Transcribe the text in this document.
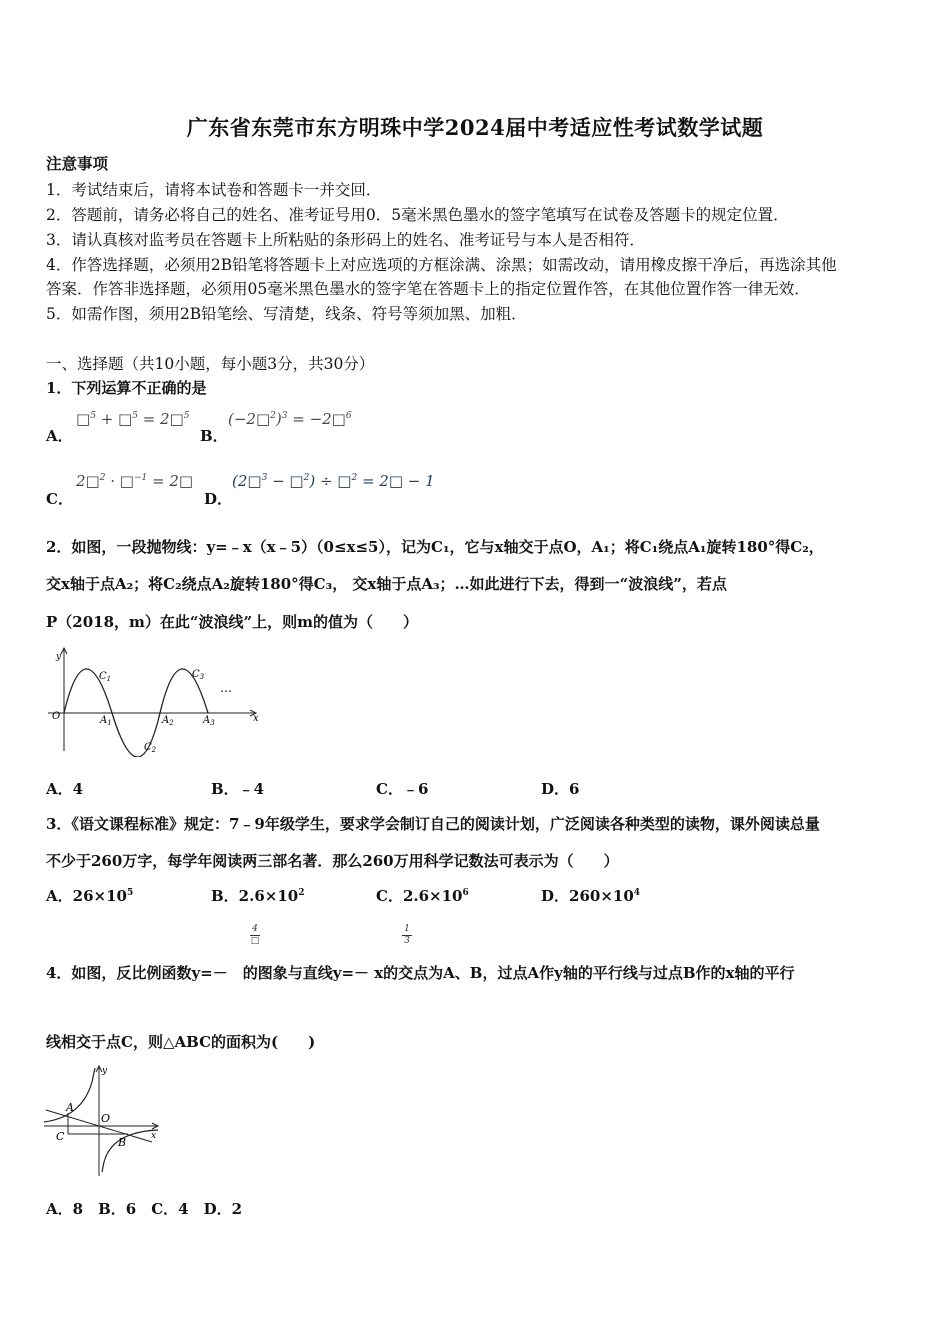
广东省东莞市东方明珠中学2024届中考适应性考试数学试题
注意事项
1．考试结束后，请将本试卷和答题卡一并交回．
2．答题前，请务必将自己的姓名、准考证号用0．5毫米黑色墨水的签字笔填写在试卷及答题卡的规定位置．
3．请认真核对监考员在答题卡上所粘贴的条形码上的姓名、准考证号与本人是否相符．
4．作答选择题，必须用2B铅笔将答题卡上对应选项的方框涂满、涂黑；如需改动，请用橡皮擦干净后，再选涂其他
答案．作答非选择题，必须用05毫米黑色墨水的签字笔在答题卡上的指定位置作答，在其他位置作答一律无效．
5．如需作图，须用2B铅笔绘、写清楚，线条、符号等须加黑、加粗．
一、选择题（共10小题，每小题3分，共30分）
1．下列运算不正确的是
A．
□$^5$ + □$^5$ = 2□$^5$
B．
(−2□$^2$)$^3$ = −2□$^6$
C．
2□$^2$ · □$^{-1}$ = 2□
D．
(2□$^3$ − □$^2$) ÷ □$^2$ = 2□ − 1
2．如图，一段抛物线：y=﹣x（x﹣5）（0≤x≤5），记为C₁，它与x轴交于点O，A₁；将C₁绕点A₁旋转180°得C₂，
交x轴于点A₂；将C₂绕点A₂旋转180°得C₃， 交x轴于点A₃；…如此进行下去，得到一“波浪线”，若点
P（2018，m）在此“波浪线”上，则m的值为（　　）
O
y
x
$C_1$
$C_2$
$C_3$
$A_1$	$A_2$	$A_3$
…
A．4	B．﹣4	C．﹣6	D．6
3．《语文课程标准》规定：7﹣9年级学生，要求学会制订自己的阅读计划，广泛阅读各种类型的读物，课外阅读总量
不少于260万字，每学年阅读两三部名著．那么260万用科学记数法可表示为（　　）
A．$26\times 10^5$	B．$2.6\times 10^2$	C．$2.6\times 10^6$	D．$260\times 10^4$
4
□
1
3
4．如图，反比例函数y=－　的图象与直线y=－ x的交点为A、B，过点A作y轴的平行线与过点B作的x轴的平行
线相交于点C，则△ABC的面积为(　　)
A
B
C
O
y
x
A．8　B．6　C．4　D．2
